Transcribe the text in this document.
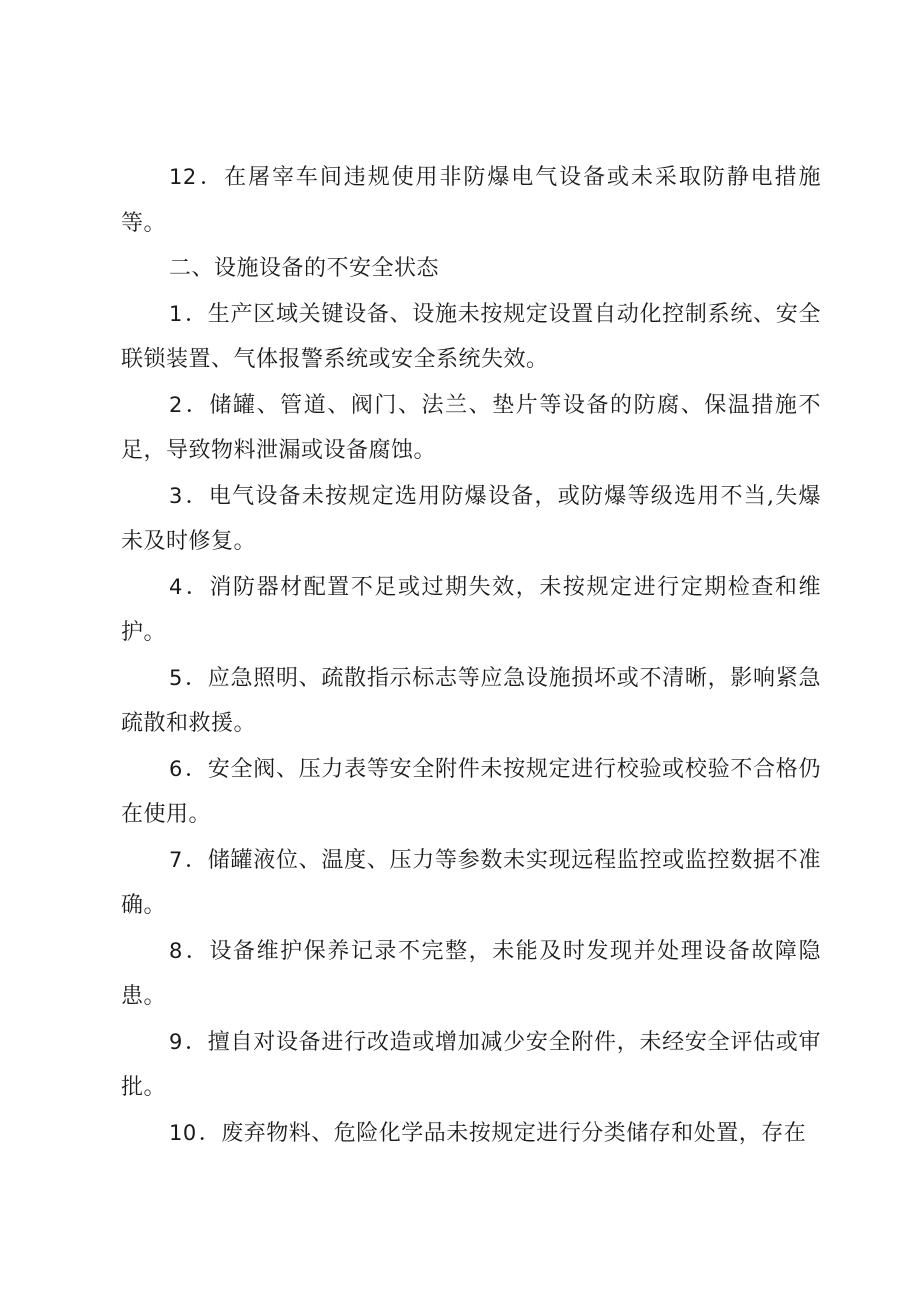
12．在屠宰车间违规使用非防爆电气设备或未采取防静电措施等。

二、设施设备的不安全状态

1．生产区域关键设备、设施未按规定设置自动化控制系统、安全联锁装置、气体报警系统或安全系统失效。

2．储罐、管道、阀门、法兰、垫片等设备的防腐、保温措施不足，导致物料泄漏或设备腐蚀。

3．电气设备未按规定选用防爆设备，或防爆等级选用不当,失爆未及时修复。

4．消防器材配置不足或过期失效，未按规定进行定期检查和维护。

5．应急照明、疏散指示标志等应急设施损坏或不清晰，影响紧急疏散和救援。

6．安全阀、压力表等安全附件未按规定进行校验或校验不合格仍在使用。

7．储罐液位、温度、压力等参数未实现远程监控或监控数据不准确。

8．设备维护保养记录不完整，未能及时发现并处理设备故障隐患。

9．擅自对设备进行改造或增加减少安全附件，未经安全评估或审批。

10．废弃物料、危险化学品未按规定进行分类储存和处置，存在
